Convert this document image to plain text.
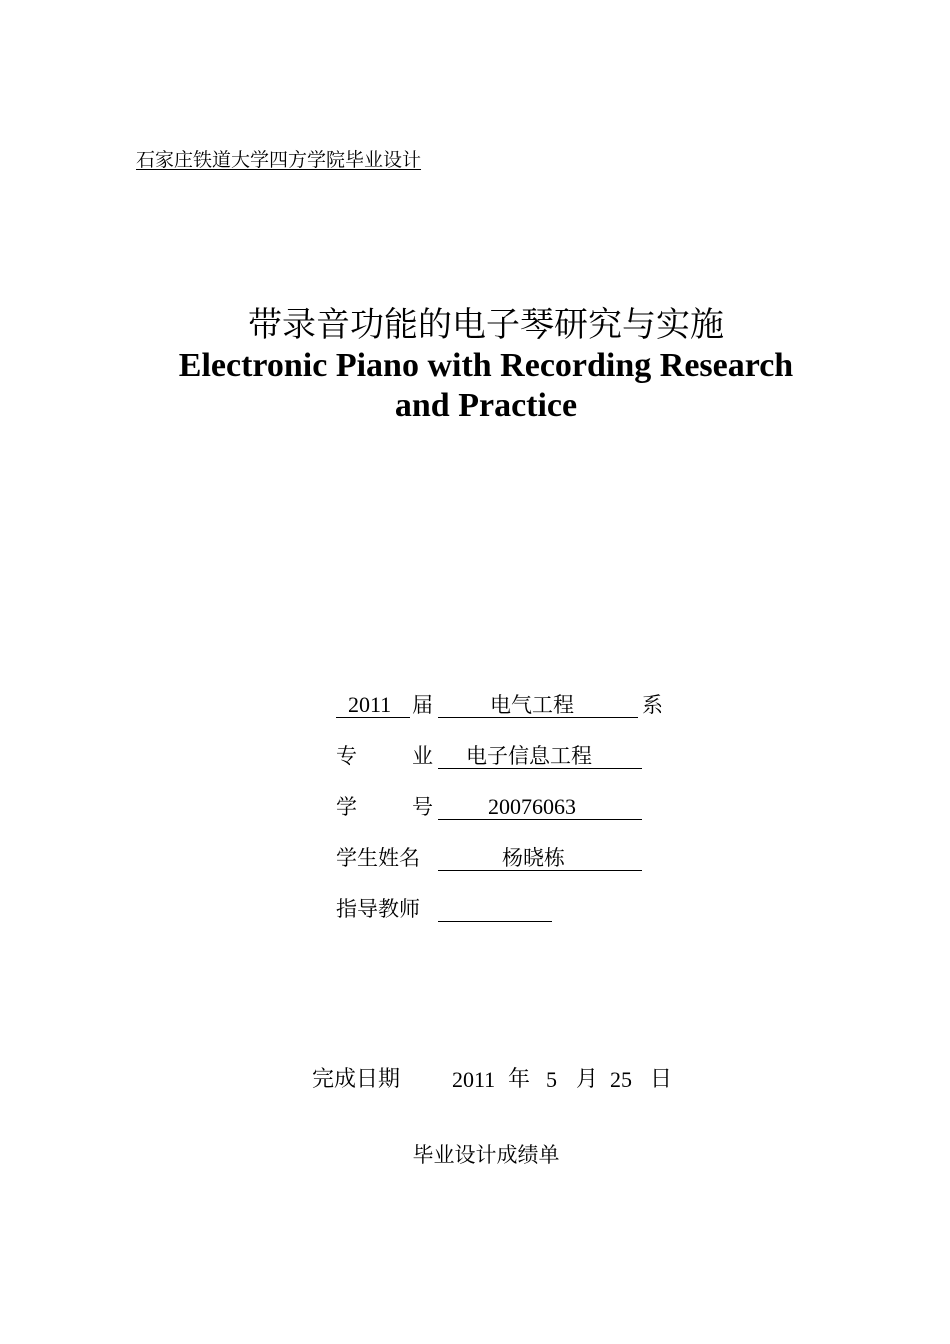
石家庄铁道大学四方学院毕业设计
带录音功能的电子琴研究与实施
Electronic Piano with Recording Research
and Practice
2011 届	电气工程	系
专	业 电子信息工程
学	号	20076063
学生姓名	杨晓栋
指导教师
完成日期 2011 年 5 月 25 日
毕业设计成绩单
